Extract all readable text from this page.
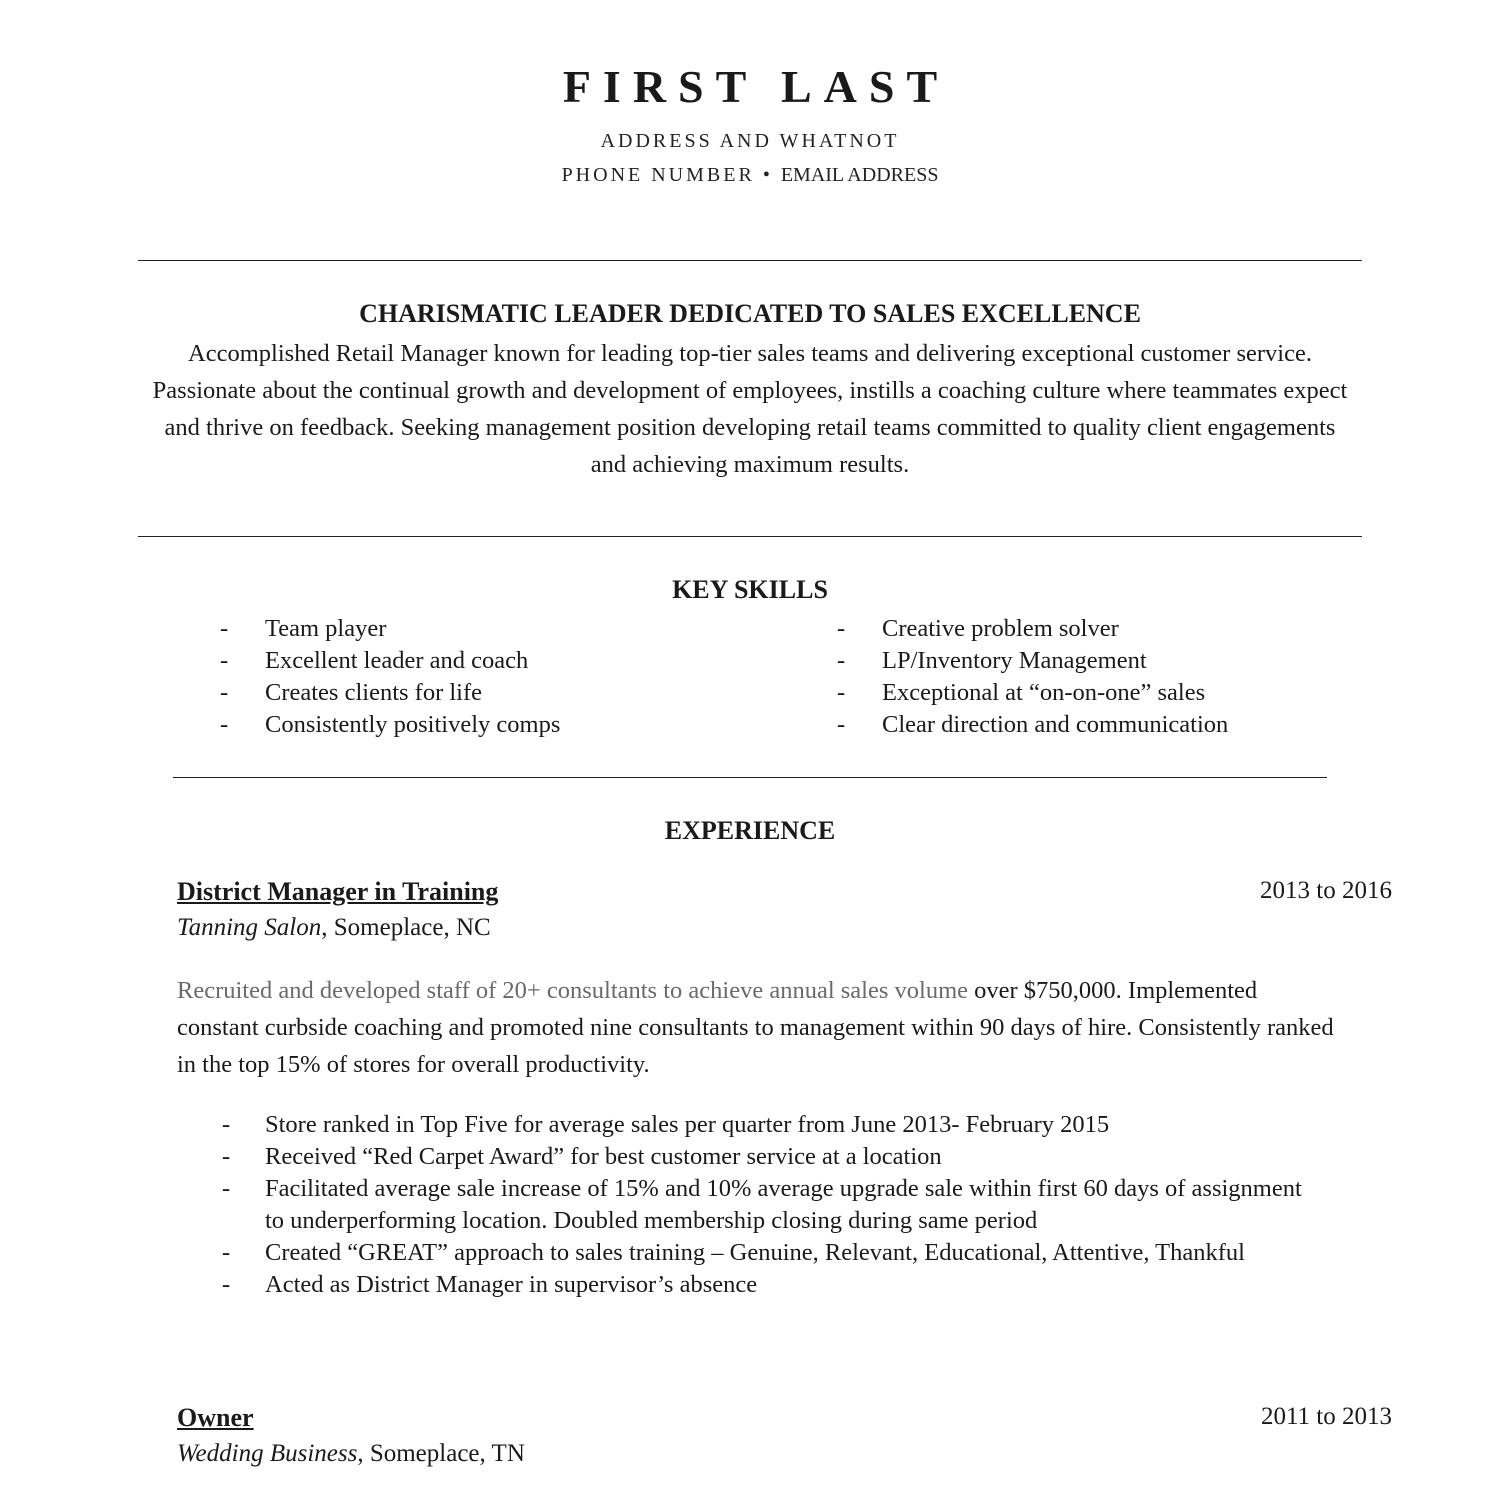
FIRST LAST
ADDRESS AND WHATNOT
PHONE NUMBER • EMAIL ADDRESS
CHARISMATIC LEADER DEDICATED TO SALES EXCELLENCE
Accomplished Retail Manager known for leading top-tier sales teams and delivering exceptional customer service. Passionate about the continual growth and development of employees, instills a coaching culture where teammates expect and thrive on feedback. Seeking management position developing retail teams committed to quality client engagements and achieving maximum results.
KEY SKILLS
- Team player
- Excellent leader and coach
- Creates clients for life
- Consistently positively comps
- Creative problem solver
- LP/Inventory Management
- Exceptional at “on-on-one” sales
- Clear direction and communication
EXPERIENCE
District Manager in Training	2013 to 2016
Tanning Salon, Someplace, NC
Recruited and developed staff of 20+ consultants to achieve annual sales volume over $750,000. Implemented constant curbside coaching and promoted nine consultants to management within 90 days of hire. Consistently ranked in the top 15% of stores for overall productivity.
- Store ranked in Top Five for average sales per quarter from June 2013- February 2015
- Received “Red Carpet Award” for best customer service at a location
- Facilitated average sale increase of 15% and 10% average upgrade sale within first 60 days of assignment to underperforming location. Doubled membership closing during same period
- Created “GREAT” approach to sales training – Genuine, Relevant, Educational, Attentive, Thankful
- Acted as District Manager in supervisor’s absence
Owner	2011 to 2013
Wedding Business, Someplace, TN
